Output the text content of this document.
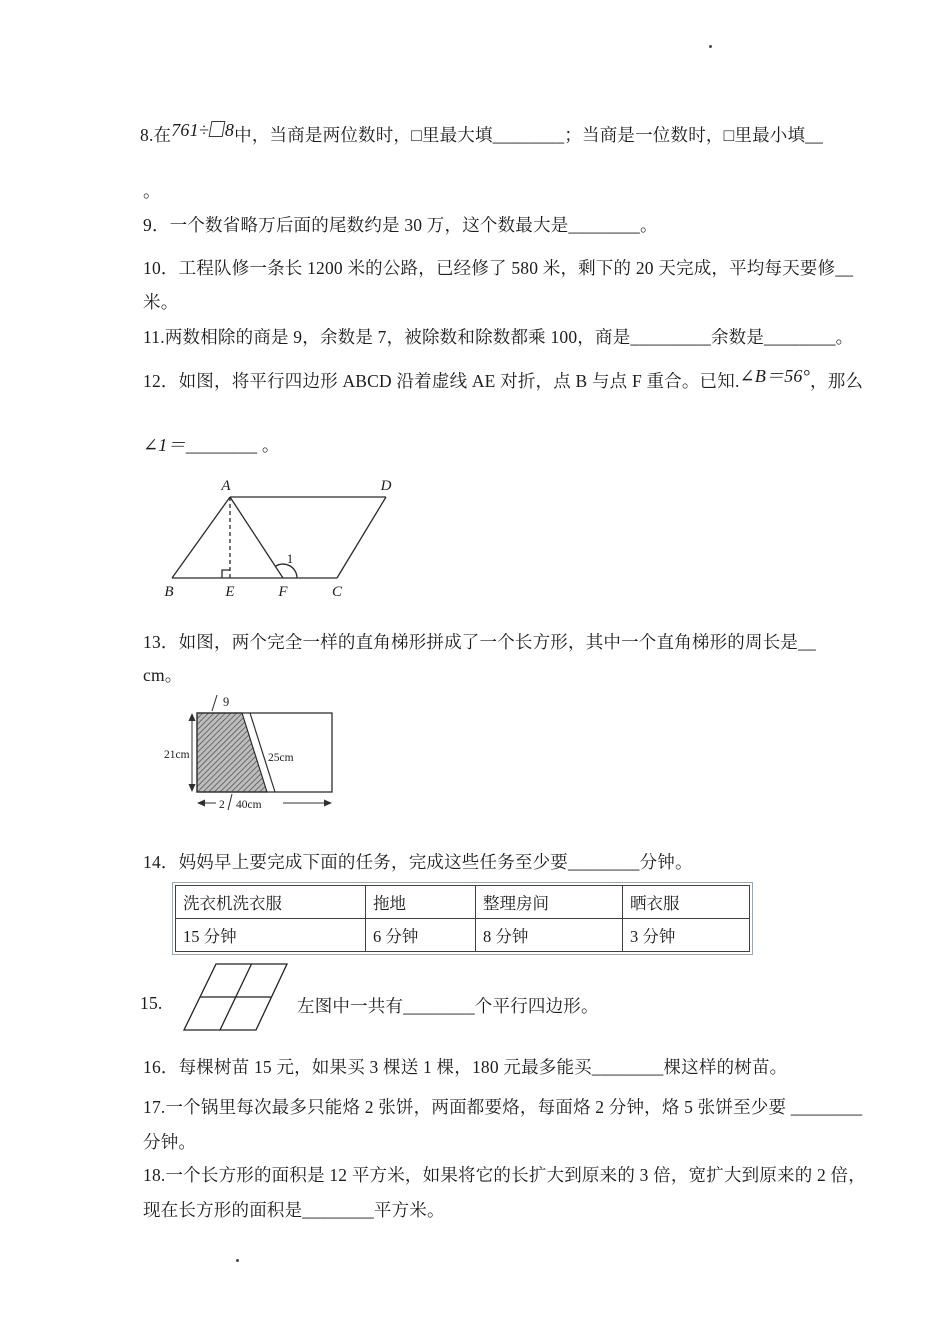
8.在761÷ 8中，当商是两位数时，□里最大填________；当商是一位数时，□里最小填__
。
9．一个数省略万后面的尾数约是 30 万，这个数最大是________。
10．工程队修一条长 1200 米的公路，已经修了 580 米，剩下的 20 天完成，平均每天要修__
米。
11.两数相除的商是 9，余数是 7，被除数和除数都乘 100，商是_________余数是________。
12．如图，将平行四边形 ABCD 沿着虚线 AE 对折，点 B 与点 F 重合。已知.∠B＝56°，那么
∠1＝________ 。
A	D
B	E	F	C
1
13．如图，两个完全一样的直角梯形拼成了一个长方形，其中一个直角梯形的周长是__
cm。
9
21cm	25cm
2 40cm
14．妈妈早上要完成下面的任务，完成这些任务至少要________分钟。
洗衣机洗衣服	拖地	整理房间	晒衣服
15 分钟	6 分钟	8 分钟	3 分钟
15.	左图中一共有________个平行四边形。
16．每棵树苗 15 元，如果买 3 棵送 1 棵，180 元最多能买________棵这样的树苗。
17.一个锅里每次最多只能烙 2 张饼，两面都要烙，每面烙 2 分钟，烙 5 张饼至少要 ________
分钟。
18.一个长方形的面积是 12 平方米，如果将它的长扩大到原来的 3 倍，宽扩大到原来的 2 倍，
现在长方形的面积是________平方米。
